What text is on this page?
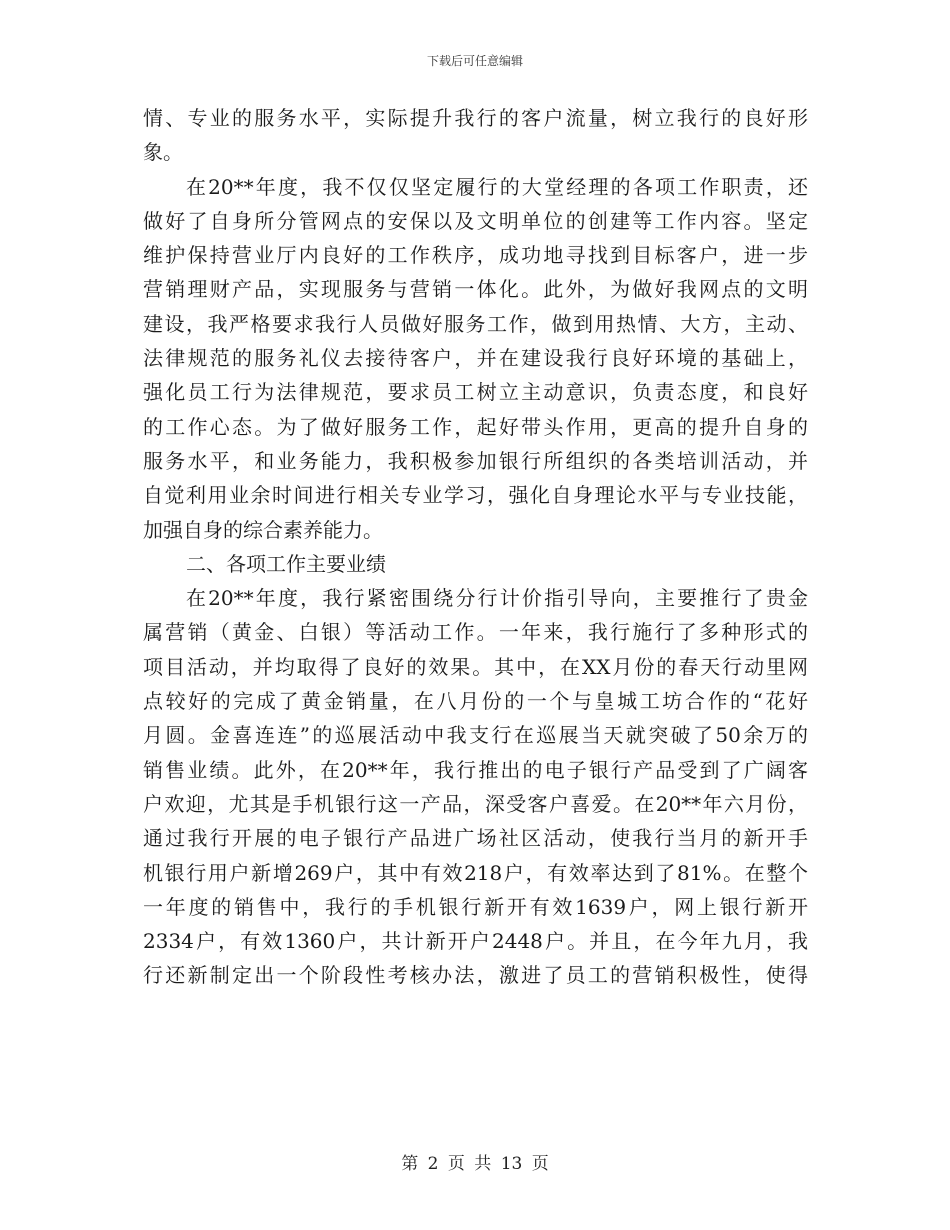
下载后可任意编辑
情、专业的服务水平，实际提升我行的客户流量，树立我行的良好形
象。
在20**年度，我不仅仅坚定履行的大堂经理的各项工作职责，还
做好了自身所分管网点的安保以及文明单位的创建等工作内容。坚定
维护保持营业厅内良好的工作秩序，成功地寻找到目标客户，进一步
营销理财产品，实现服务与营销一体化。此外，为做好我网点的文明
建设，我严格要求我行人员做好服务工作，做到用热情、大方，主动、
法律规范的服务礼仪去接待客户，并在建设我行良好环境的基础上，
强化员工行为法律规范，要求员工树立主动意识，负责态度，和良好
的工作心态。为了做好服务工作，起好带头作用，更高的提升自身的
服务水平，和业务能力，我积极参加银行所组织的各类培训活动，并
自觉利用业余时间进行相关专业学习，强化自身理论水平与专业技能，
加强自身的综合素养能力。
二、各项工作主要业绩
在20**年度，我行紧密围绕分行计价指引导向，主要推行了贵金
属营销（黄金、白银）等活动工作。一年来，我行施行了多种形式的
项目活动，并均取得了良好的效果。其中，在XX月份的春天行动里网
点较好的完成了黄金销量，在八月份的一个与皇城工坊合作的“花好
月圆。金喜连连”的巡展活动中我支行在巡展当天就突破了50余万的
销售业绩。此外，在20**年，我行推出的电子银行产品受到了广阔客
户欢迎，尤其是手机银行这一产品，深受客户喜爱。在20**年六月份，
通过我行开展的电子银行产品进广场社区活动，使我行当月的新开手
机银行用户新增269户，其中有效218户，有效率达到了81%。在整个
一年度的销售中，我行的手机银行新开有效1639户，网上银行新开
2334户，有效1360户，共计新开户2448户。并且，在今年九月，我
行还新制定出一个阶段性考核办法，激进了员工的营销积极性，使得
第 2 页 共 13 页
